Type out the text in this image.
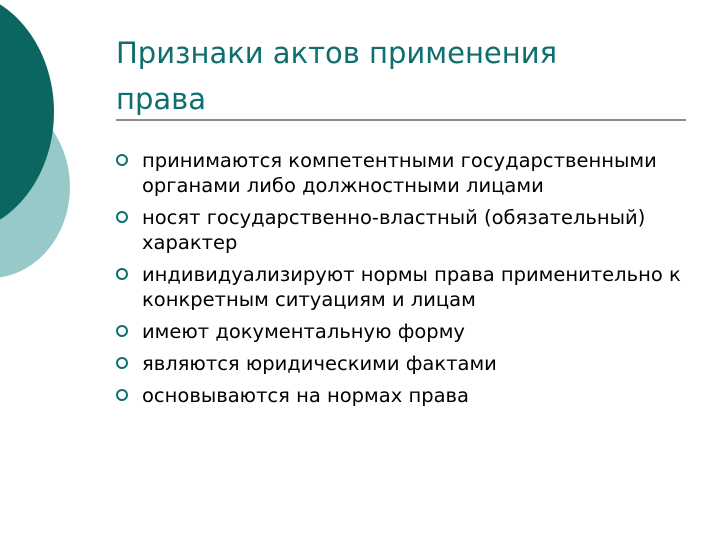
Признаки актов применения права
принимаются компетентными государственными органами либо должностными лицами
носят государственно-властный (обязательный) характер
индивидуализируют нормы права применительно к конкретным ситуациям и лицам
имеют документальную форму
являются юридическими фактами
основываются на нормах права
